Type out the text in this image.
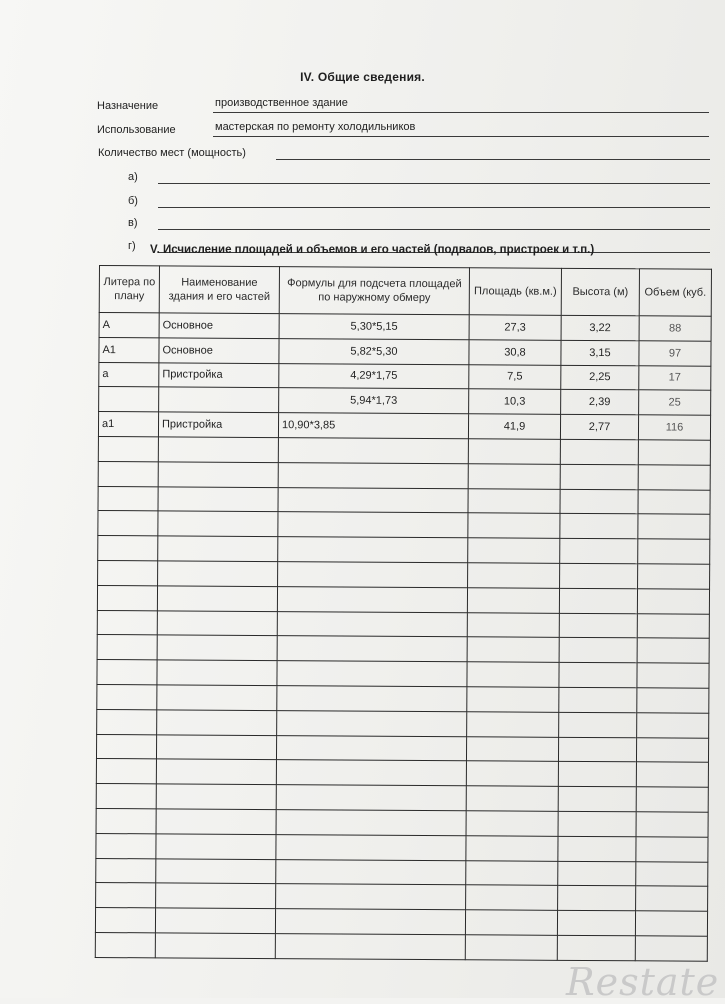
IV. Общие сведения.
Назначение	производственное здание
Использование	мастерская по ремонту холодильников
Количество мест (мощность)
а)
б)
в)
г) V. Исчисление площадей и объемов и его частей (подвалов, пристроек и т.п.)
Литера по плану	Наименование здания и его частей	Формулы для подсчета площадей по наружному обмеру	Площадь (кв.м.)	Высота (м)	Объем (куб.
А	Основное	5,30*5,15	27,3	3,22	88
А1	Основное	5,82*5,30	30,8	3,15	97
а	Пристройка	4,29*1,75	7,5	2,25	17
		5,94*1,73	10,3	2,39	25
а1	Пристройка	10,90*3,85	41,9	2,77	116

Restate
